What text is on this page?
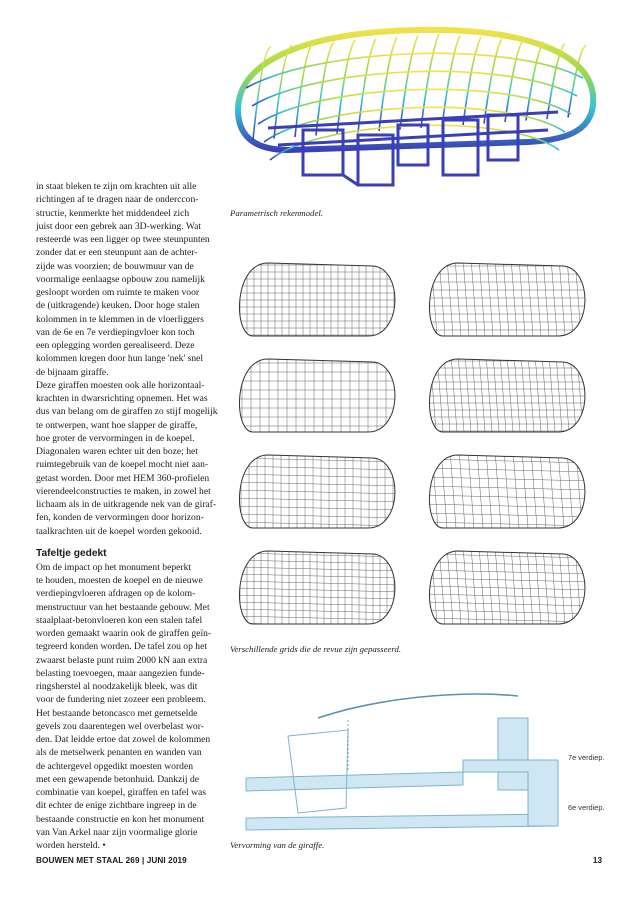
Parametrisch rekenmodel.
Verschillende grids die de revue zijn gepasseerd.
7e verdiep.
6e verdiep.
Vervorming van de giraffe.

in staat bleken te zijn om krachten uit alle

richtingen af te dragen naar de onderccon-

structie, kenmerkte het middendeel zich

juist door een gebrek aan 3D-werking. Wat

resteerde was een ligger op twee steunpunten

zonder dat er een steunpunt aan de achter-

zijde was voorzien; de bouwmuur van de

voormalige eenlaagse opbouw zou namelijk

gesloopt worden om ruimte te maken voor

de (uitkragende) keuken. Door hoge stalen

kolommen in te klemmen in de vloerliggers

van de 6e en 7e verdiepingvloer kon toch

een oplegging worden gerealiseerd. Deze

kolommen kregen door hun lange 'nek' snel

de bijnaam giraffe.

Deze giraffen moesten ook alle horizontaal-

krachten in dwarsrichting opnemen. Het was

dus van belang om de giraffen zo stijf mogelijk

te ontwerpen, want hoe slapper de giraffe,

hoe groter de vervormingen in de koepel.

Diagonalen waren echter uit den boze; het

ruimtegebruik van de koepel mocht niet aan-

getast worden. Door met HEM 360-profielen

vierendeelconstructies te maken, in zowel het

lichaam als in de uitkragende nek van de giraf-

fen, konden de vervormingen door horizon-

taalkrachten uit de koepel worden gekooid.

Tafeltje gedekt

Om de impact op het monument beperkt

te houden, moesten de koepel en de nieuwe

verdiepingvloeren afdragen op de kolom-

menstructuur van het bestaande gebouw. Met

staalplaat-betonvloeren kon een stalen tafel

worden gemaakt waarin ook de giraffen geïn-

tegreerd konden worden. De tafel zou op het

zwaarst belaste punt ruim 2000 kN aan extra

belasting toevoegen, maar aangezien funde-

ringsherstel al noodzakelijk bleek, was dit

voor de fundering niet zozeer een probleem.

Het bestaande betoncasco met gemetselde

gevels zou daarentegen wel overbelast wor-

den. Dat leidde ertoe dat zowel de kolommen

als de metselwerk penanten en wanden van

de achtergevel opgedikt moesten worden

met een gewapende betonhuid. Dankzij de

combinatie van koepel, giraffen en tafel was

dit echter de enige zichtbare ingreep in de

bestaande constructie en kon het monument

van Van Arkel naar zijn voormalige glorie

worden hersteld. •

BOUWEN MET STAAL 269 | JUNI 2019	13
